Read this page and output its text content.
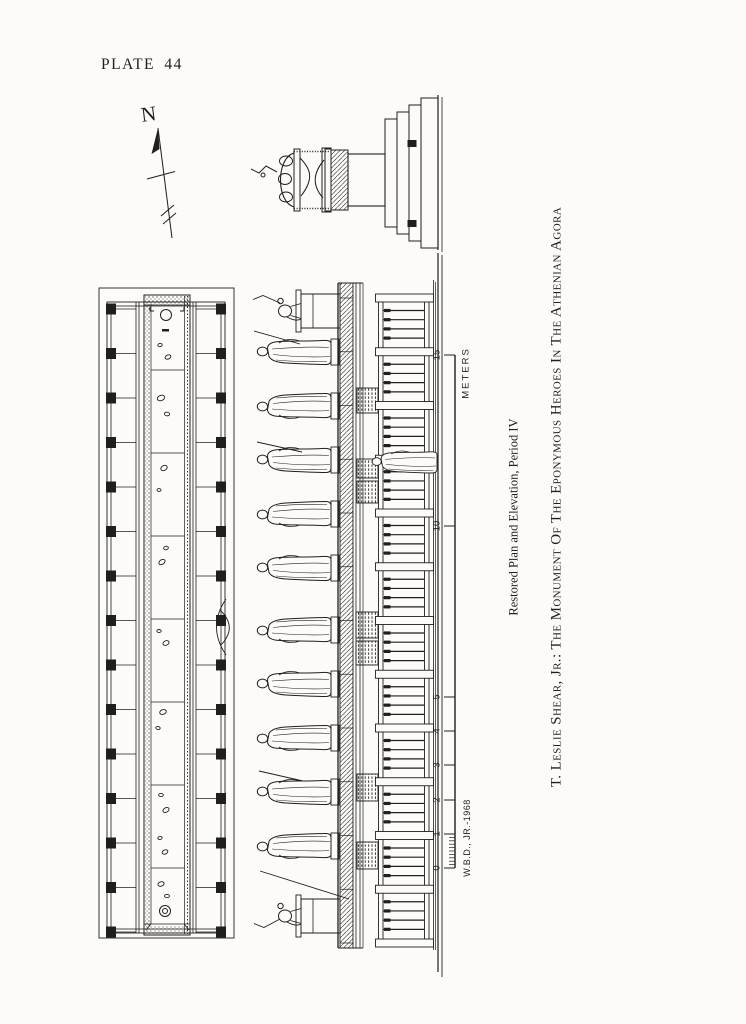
PLATE 44
N
0
1
2
3
4
5
10
15 METERS
W.B.D., JR.-1968
Restored Plan and Elevation, Period IV T. Leslie Shear, Jr.: The Monument Of The Eponymous Heroes In The Athenian Agora
